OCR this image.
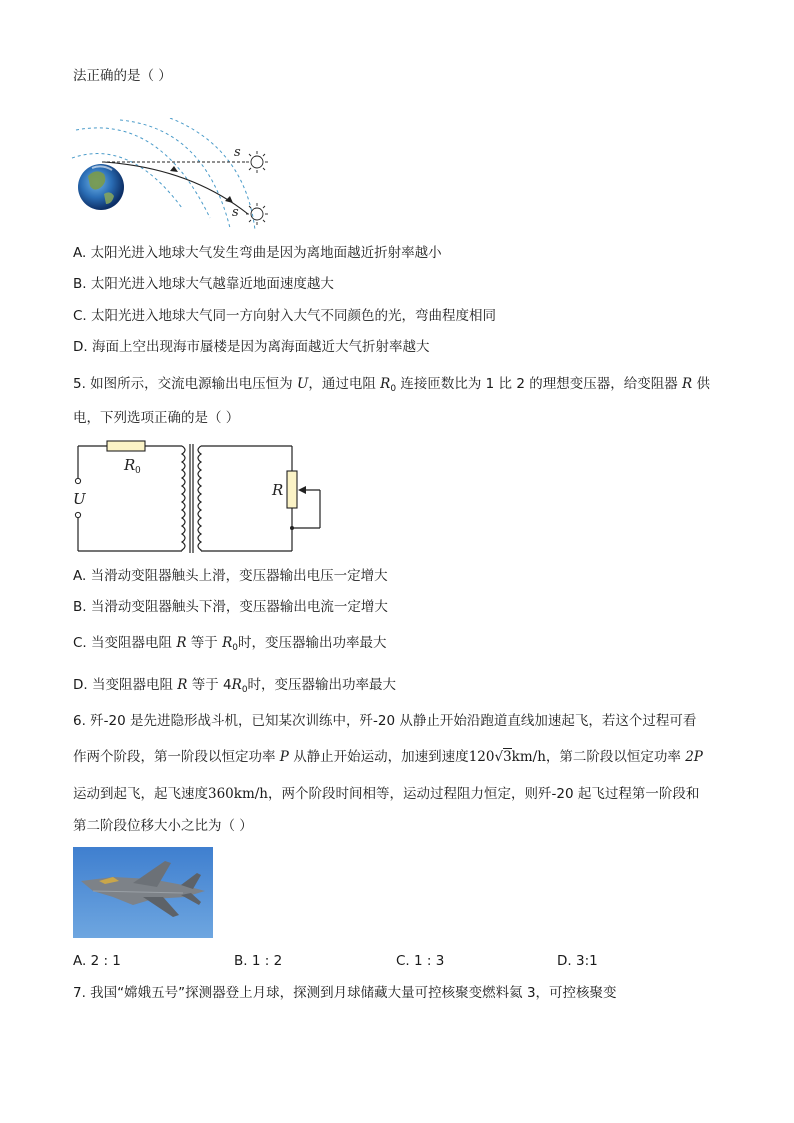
法正确的是（ ）
s
s
A. 太阳光进入地球大气发生弯曲是因为离地面越近折射率越小
B. 太阳光进入地球大气越靠近地面速度越大
C. 太阳光进入地球大气同一方向射入大气不同颜色的光，弯曲程度相同
D. 海面上空出现海市蜃楼是因为离海面越近大气折射率越大
5. 如图所示，交流电源输出电压恒为 U，通过电阻 $R_0$ 连接匝数比为 1 比 2 的理想变压器，给变阻器 R 供
电，下列选项正确的是（ ）
R 0
U	R
A. 当滑动变阻器触头上滑，变压器输出电压一定增大
B. 当滑动变阻器触头下滑，变压器输出电流一定增大
C. 当变阻器电阻 R 等于 $R_0$时，变压器输出功率最大
D. 当变阻器电阻 R 等于 $4R_0$时，变压器输出功率最大
6. 歼-20 是先进隐形战斗机，已知某次训练中，歼-20 从静止开始沿跑道直线加速起飞，若这个过程可看
作两个阶段，第一阶段以恒定功率 P 从静止开始运动，加速到速度120√3km/h，第二阶段以恒定功率 2P
运动到起飞，起飞速度360km/h，两个阶段时间相等，运动过程阻力恒定，则歼-20 起飞过程第一阶段和
第二阶段位移大小之比为（ ）
A. 2 : 1	B. 1 : 2	C. 1 : 3	D. 3:1
7. 我国“嫦娥五号”探测器登上月球，探测到月球储藏大量可控核聚变燃料氦 3，可控核聚变
